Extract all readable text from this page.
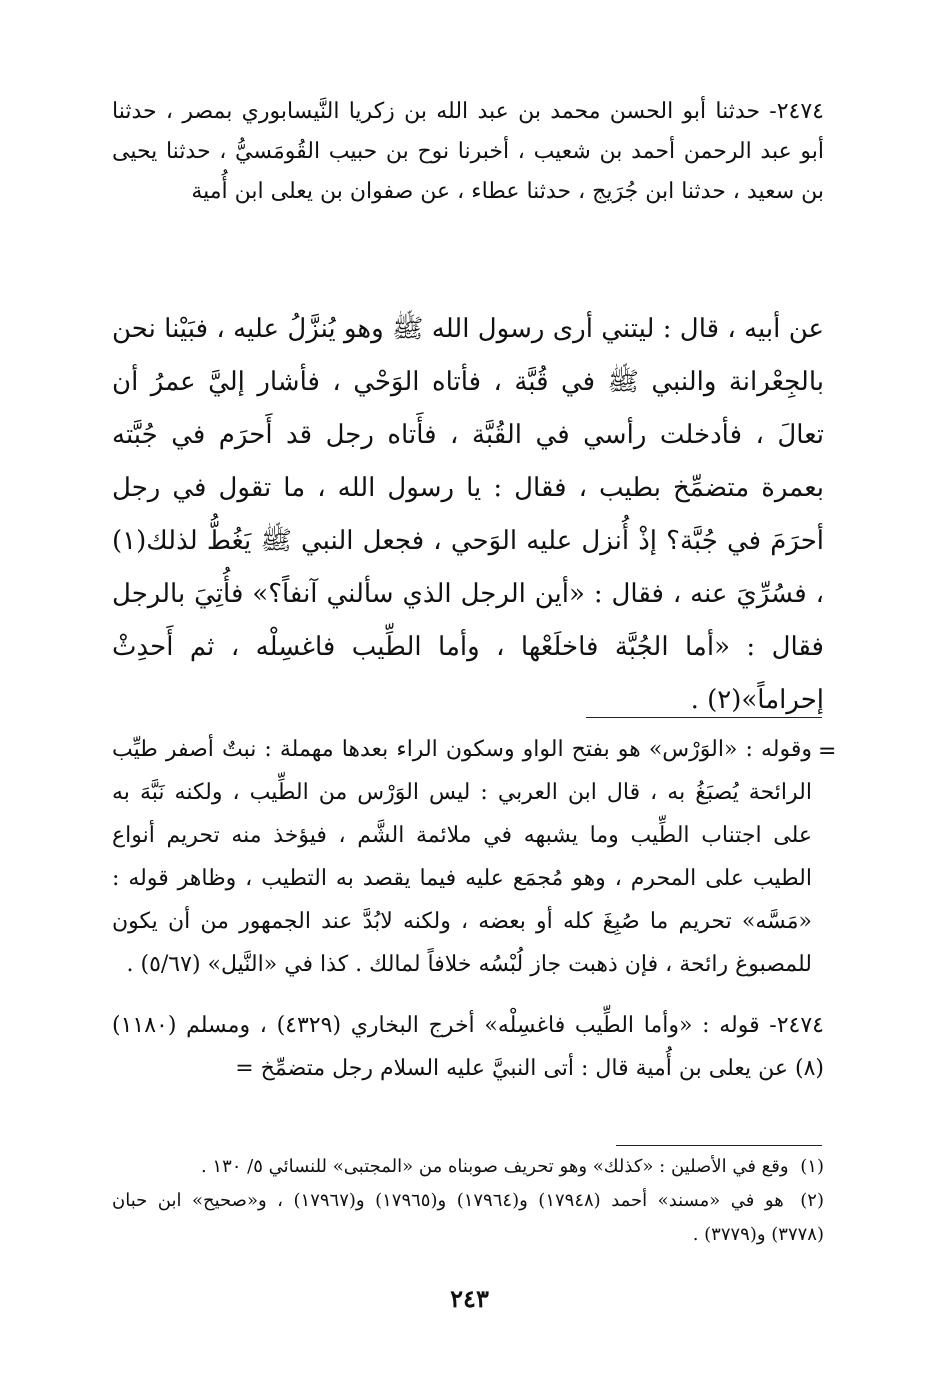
٢٤٧٤- حدثنا أبو الحسن محمد بن عبد الله بن زكريا النَّيسابوري بمصر ، حدثنا أبو عبد الرحمن أحمد بن شعيب ، أخبرنا نوح بن حبيب القُومَسيُّ ، حدثنا يحيى بن سعيد ، حدثنا ابن جُرَيج ، حدثنا عطاء ، عن صفوان بن يعلى ابن أُمية

عن أبيه ، قال : ليتني أرى رسول الله ﷺ وهو يُنزَّلُ عليه ، فبَيْنا نحن بالجِعْرانة والنبي ﷺ في قُبَّة ، فأتاه الوَحْي ، فأشار إليَّ عمرُ أن تعالَ ، فأدخلت رأسي في القُبَّة ، فأَتاه رجل قد أَحرَم في جُبَّته بعمرة متضمِّخ بطيب ، فقال : يا رسول الله ، ما تقول في رجل أحرَمَ في جُبَّة؟ إذْ أُنزل عليه الوَحي ، فجعل النبي ﷺ يَغُطُّ لذلك(١) ، فسُرِّيَ عنه ، فقال : «أين الرجل الذي سألني آنفاً؟» فأُتِيَ بالرجل فقال : «أما الجُبَّة فاخلَعْها ، وأما الطِّيب فاغسِلْه ، ثم أَحدِثْ إحراماً»(٢) .

=

وقوله : «الوَرْس» هو بفتح الواو وسكون الراء بعدها مهملة : نبتٌ أصفر طيِّب الرائحة يُصبَغُ به ، قال ابن العربي : ليس الوَرْس من الطِّيب ، ولكنه نَبَّهَ به على اجتناب الطِّيب وما يشبهه في ملائمة الشَّم ، فيؤخذ منه تحريم أنواع الطيب على المحرم ، وهو مُجمَع عليه فيما يقصد به التطيب ، وظاهر قوله : «مَسَّه» تحريم ما صُبِغَ كله أو بعضه ، ولكنه لابُدَّ عند الجمهور من أن يكون للمصبوغ رائحة ، فإن ذهبت جاز لُبْسُه خلافاً لمالك . كذا في «النَّيل» (٥/٦٧) .

٢٤٧٤- قوله : «وأما الطِّيب فاغسِلْه» أخرج البخاري (٤٣٢٩) ، ومسلم (١١٨٠) (٨) عن يعلى بن أُمية قال : أتى النبيَّ عليه السلام رجل متضمِّخ =

(١) وقع في الأصلين : «كذلك» وهو تحريف صوبناه من «المجتبى» للنسائي ٥/ ١٣٠ .

(٢) هو في «مسند» أحمد (١٧٩٤٨) و(١٧٩٦٤) و(١٧٩٦٥) و(١٧٩٦٧) ، و«صحيح» ابن حبان (٣٧٧٨) و(٣٧٧٩) .

٢٤٣
